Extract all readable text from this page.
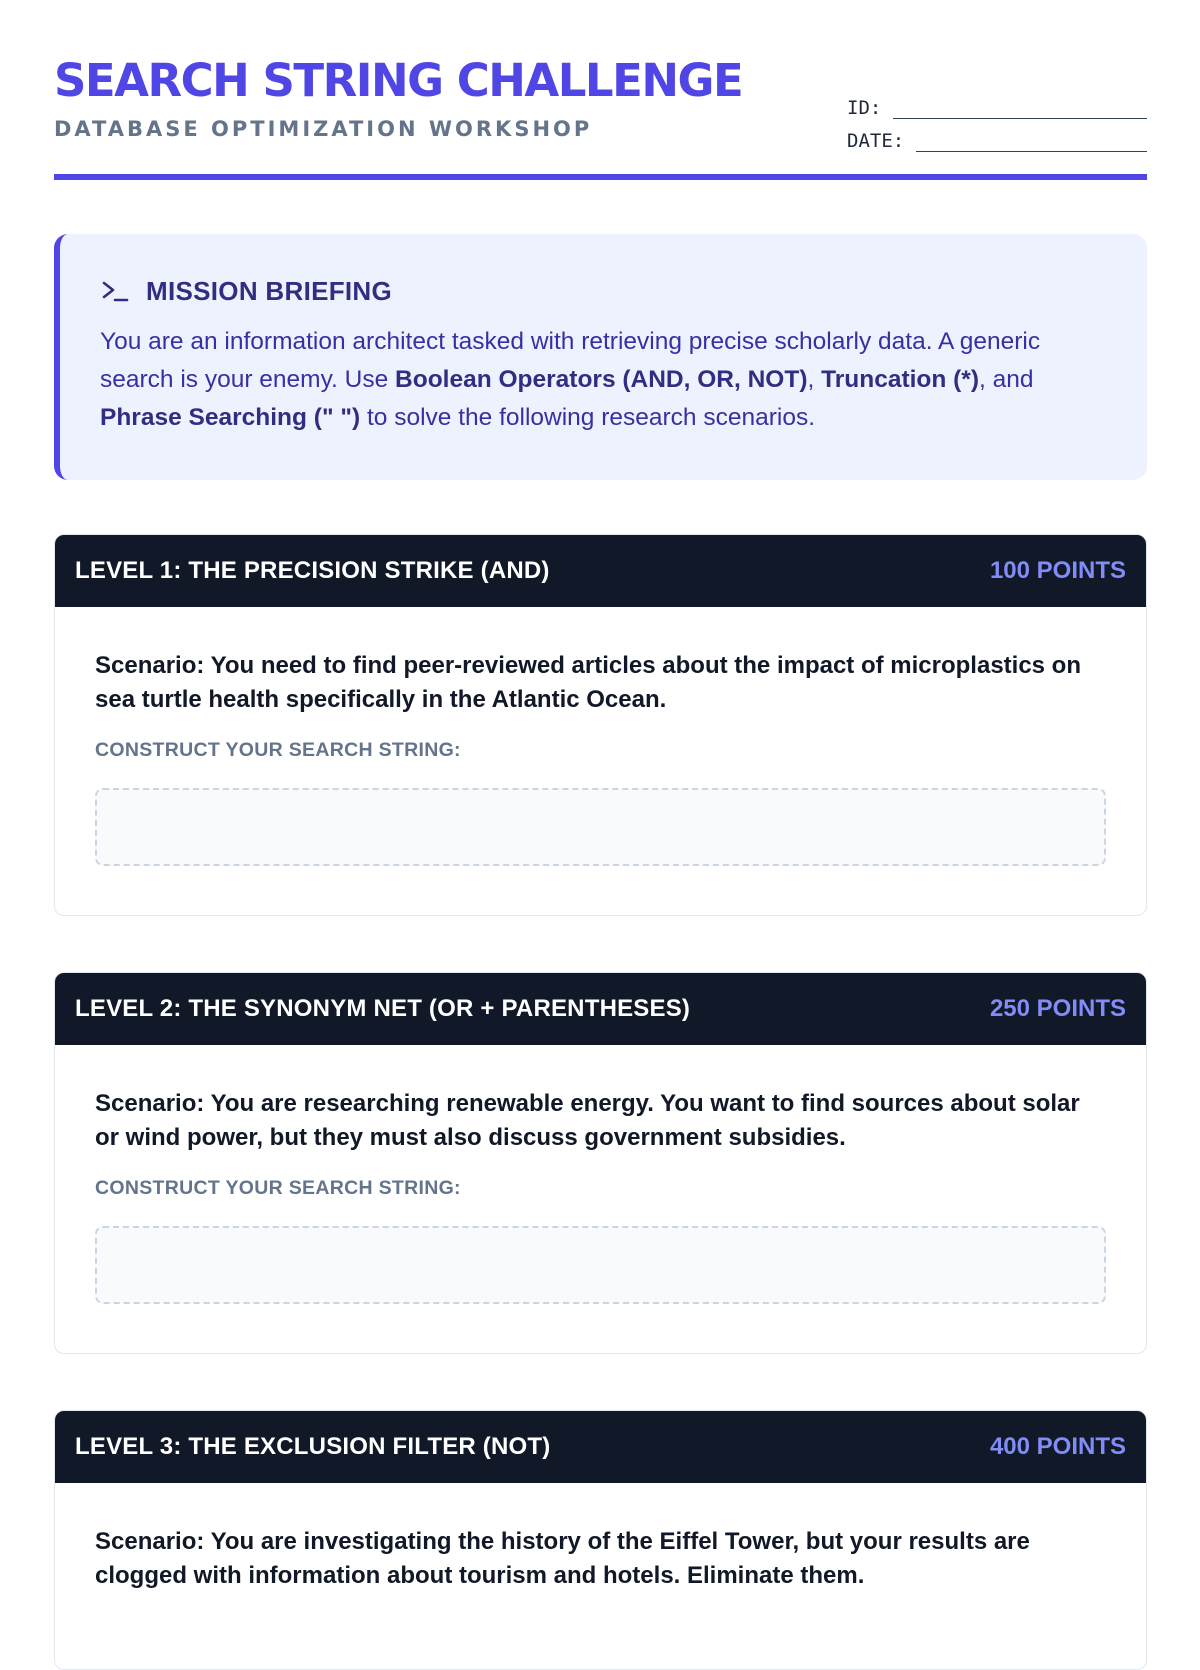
SEARCH STRING CHALLENGE
DATABASE OPTIMIZATION WORKSHOP
ID:
DATE:
MISSION BRIEFING

You are an information architect tasked with retrieving precise scholarly data. A generic search is your enemy. Use Boolean Operators (AND, OR, NOT), Truncation (*), and Phrase Searching (" ") to solve the following research scenarios.

LEVEL 1: THE PRECISION STRIKE (AND)	100 POINTS

Scenario: You need to find peer-reviewed articles about the impact of microplastics on sea turtle health specifically in the Atlantic Ocean.

CONSTRUCT YOUR SEARCH STRING:
LEVEL 2: THE SYNONYM NET (OR + PARENTHESES)	250 POINTS

Scenario: You are researching renewable energy. You want to find sources about solar or wind power, but they must also discuss government subsidies.

CONSTRUCT YOUR SEARCH STRING:
LEVEL 3: THE EXCLUSION FILTER (NOT)	400 POINTS

Scenario: You are investigating the history of the Eiffel Tower, but your results are clogged with information about tourism and hotels. Eliminate them.
